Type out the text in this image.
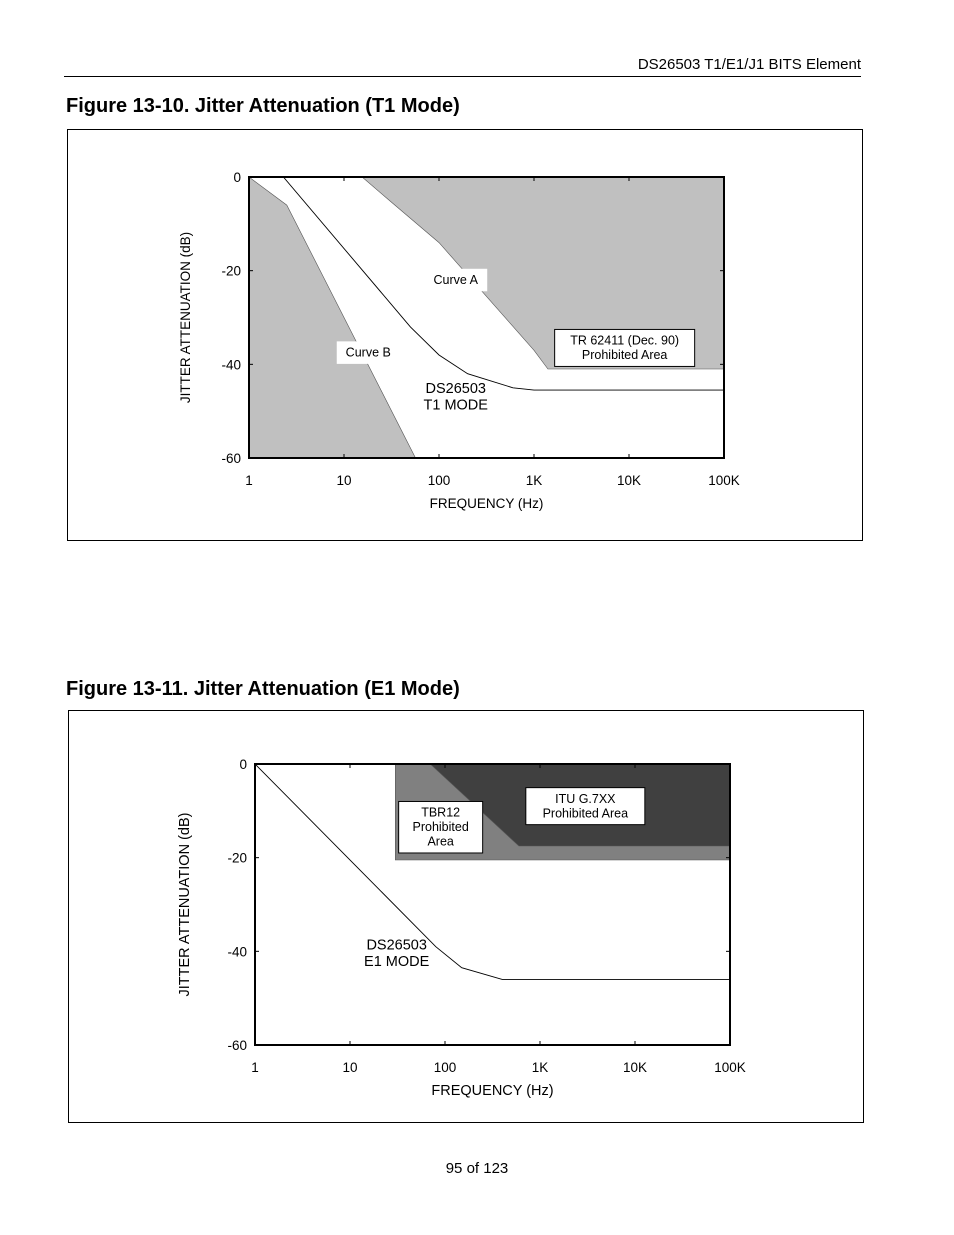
DS26503 T1/E1/J1 BITS Element
Figure 13-10. Jitter Attenuation (T1 Mode)
Curve A
Curve B
TR 62411 (Dec. 90)
Prohibited Area
DS26503
T1 MODE
1	10	100	1K	10K	100K
0
-20
-40
-60
FREQUENCY (Hz)
JITTER ATTENUATION (dB)
Figure 13-11. Jitter Attenuation (E1 Mode)
TBR12
Prohibited
Area
ITU G.7XX
Prohibited Area
DS26503
E1 MODE
1	10	100	1K	10K	100K
0
-20
-40
-60
FREQUENCY (Hz)
JITTER ATTENUATION (dB)
95 of 123
